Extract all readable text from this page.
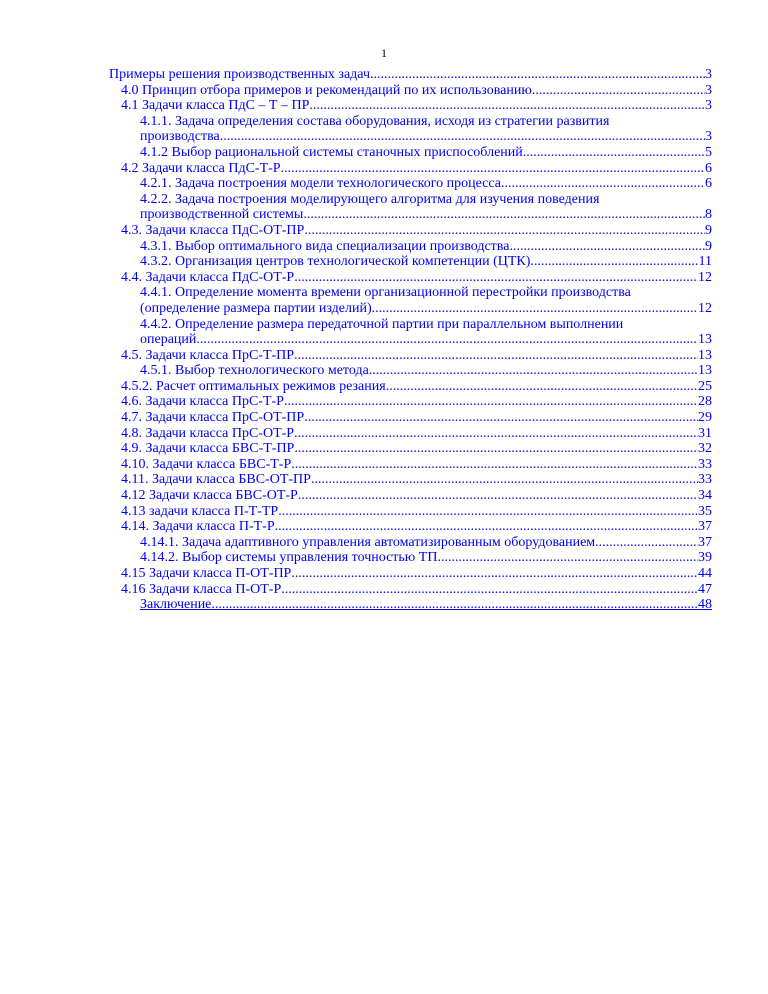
1
Примеры решения производственных задач .....	3
4.0 Принцип отбора примеров и рекомендаций по их использованию .....	3
4.1 Задачи класса ПдС – Т – ПР .....	3
4.1.1. Задача определения состава оборудования, исходя из стратегии развития
производства .....	3
4.1.2 Выбор рациональной системы станочных приспособлений .....	5
4.2 Задачи класса ПдС-Т-Р .....	6
4.2.1. Задача построения модели технологического процесса .....	6
4.2.2. Задача построения моделирующего алгоритма для изучения поведения
производственной системы .....	8
4.3. Задачи класса ПдС-ОТ-ПР .....	9
4.3.1. Выбор оптимального вида специализации производства .....	9
4.3.2. Организация центров технологической компетенции (ЦТК) .....	11
4.4. Задачи класса ПдС-ОТ-Р .....	12
4.4.1. Определение момента времени организационной перестройки производства
(определение размера партии изделий) .....	12
4.4.2. Определение размера передаточной партии при параллельном выполнении
операций .....	13
4.5. Задачи класса ПрС-Т-ПР .....	13
4.5.1. Выбор технологического метода .....	13
4.5.2. Расчет оптимальных режимов резания .....	25
4.6. Задачи класса ПрС-Т-Р .....	28
4.7. Задачи класса ПрС-ОТ-ПР .....	29
4.8. Задачи класса ПрС-ОТ-Р .....	31
4.9. Задачи класса БВС-Т-ПР .....	32
4.10. Задачи класса БВС-Т-Р .....	33
4.11. Задачи класса БВС-ОТ-ПР .....	33
4.12 Задачи класса БВС-ОТ-Р .....	34
4.13 задачи класса П-Т-ТР .....	35
4.14. Задачи класса П-Т-Р .....	37
4.14.1. Задача адаптивного управления автоматизированным оборудованием .....	37
4.14.2. Выбор системы управления точностью ТП .....	39
4.15 Задачи класса П-ОТ-ПР .....	44
4.16 Задачи класса П-ОТ-Р .....	47
Заключение .....	48
